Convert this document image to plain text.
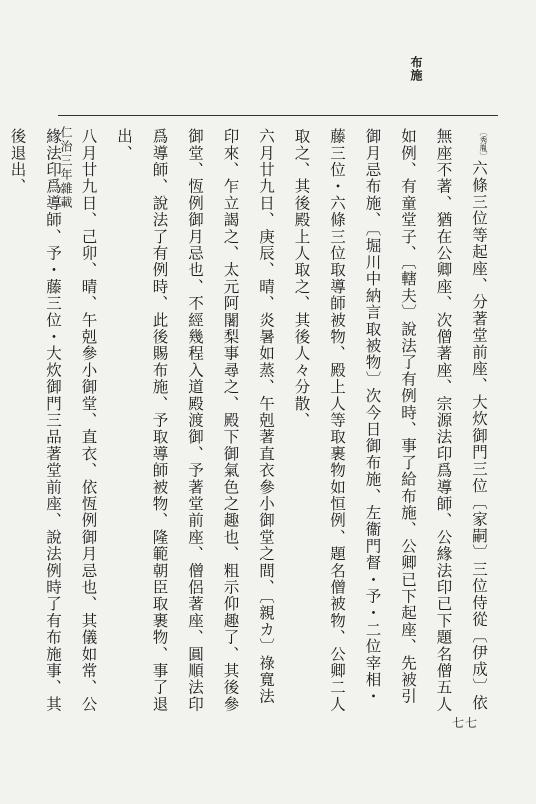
布施
仁治三年雜載
七七
〔秀胤〕六條三位等起座、分著堂前座、大炊御門三位〔家嗣〕三位侍從〔伊成〕依無座不著、猶在公卿座、次僧著座、宗源法印爲導師、公緣法印已下題名僧五人如例、有童堂子、〔轄夫〕說法了有例時、事了給布施、公卿已下起座、先被引御月忌布施、〔堀川中納言取被物〕次今日御布施、左衞門督・予・二位宰相・藤三位・六條三位取導師被物、殿上人等取裹物如恒例、題名僧被物、公卿二人取之、其後殿上人取之、其後人々分散、
六月廿九日、庚辰、晴、炎暑如蒸、午剋著直衣參小御堂之間、〔親カ〕祿寬法印來、乍立謁之、太元阿闍梨事尋之、殿下御氣色之趣也、粗示仰趣了、其後參御堂、恆例御月忌也、不經幾程入道殿渡御、予著堂前座、僧侶著座、圓順法印爲導師、說法了有例時、此後賜布施、予取導師被物、隆範朝臣取裹物、事了退出、
八月廿九日、己卯、晴、午剋參小御堂、直衣、依恆例御月忌也、其儀如常、公緣法印爲導師、予・藤三位・大炊御門三品著堂前座、說法例時了有布施事、其後退出、
